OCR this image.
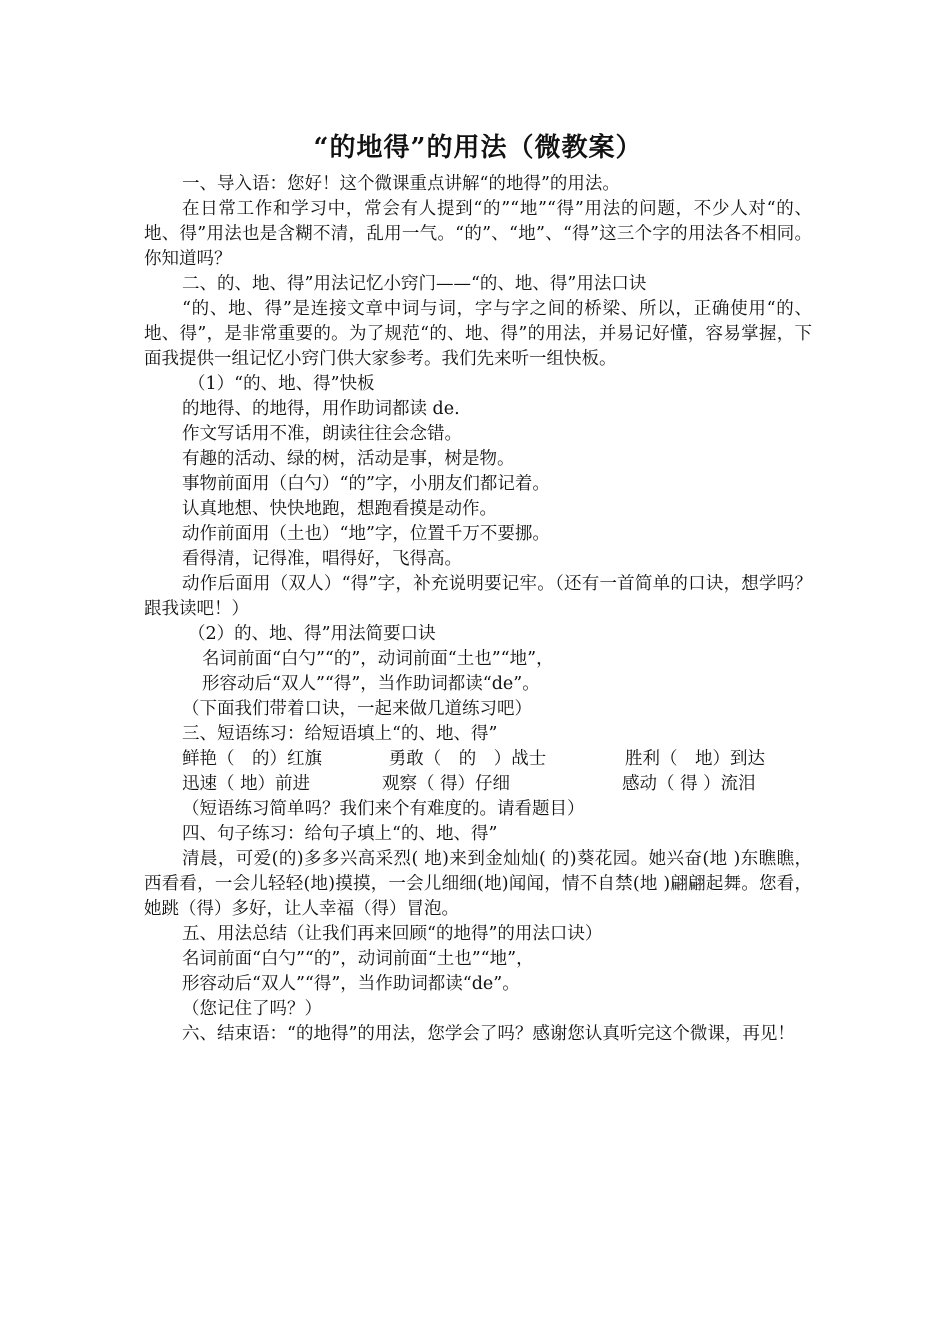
“的地得”的用法（微教案）

一、导入语：您好！这个微课重点讲解“的地得”的用法。

在日常工作和学习中，常会有人提到“的”“地”“得”用法的问题，不少人对“的、地、得”用法也是含糊不清，乱用一气。“的”、“地”、“得”这三个字的用法各不相同。你知道吗？

二、的、地、得”用法记忆小窍门——“的、地、得”用法口诀

“的、地、得”是连接文章中词与词，字与字之间的桥梁、所以，正确使用“的、地、得”，是非常重要的。为了规范“的、地、得”的用法，并易记好懂，容易掌握，下面我提供一组记忆小窍门供大家参考。我们先来听一组快板。

（1）“的、地、得”快板

的地得、的地得，用作助词都读 de.

作文写话用不准，朗读往往会念错。

有趣的活动、绿的树，活动是事，树是物。

事物前面用（白勺）“的”字，小朋友们都记着。

认真地想、快快地跑，想跑看摸是动作。

动作前面用（土也）“地”字，位置千万不要挪。

看得清，记得准，唱得好，飞得高。

动作后面用（双人）“得”字，补充说明要记牢。（还有一首简单的口诀，想学吗？跟我读吧！）

（2）的、地、得”用法简要口诀

名词前面“白勺”“的”，动词前面“土也”“地”，

形容动后“双人”“得”，当作助词都读“de”。

（下面我们带着口诀，一起来做几道练习吧）

三、短语练习：给短语填上“的、地、得”

鲜艳（　的）红旗	勇敢（　的　）战士	胜利（　地）到达
迅速（ 地）前进	观察（ 得）仔细	感动（ 得 ）流泪

（短语练习简单吗？我们来个有难度的。请看题目）

四、句子练习：给句子填上“的、地、得”

清晨，可爱(的)多多兴高采烈( 地)来到金灿灿( 的)葵花园。她兴奋(地 )东瞧瞧，西看看，一会儿轻轻(地)摸摸，一会儿细细(地)闻闻，情不自禁(地 )翩翩起舞。您看，她跳（得）多好，让人幸福（得）冒泡。

五、用法总结（让我们再来回顾“的地得”的用法口诀）

名词前面“白勺”“的”，动词前面“土也”“地”，

形容动后“双人”“得”，当作助词都读“de”。

（您记住了吗？）

六、结束语：“的地得”的用法，您学会了吗？感谢您认真听完这个微课，再见！
